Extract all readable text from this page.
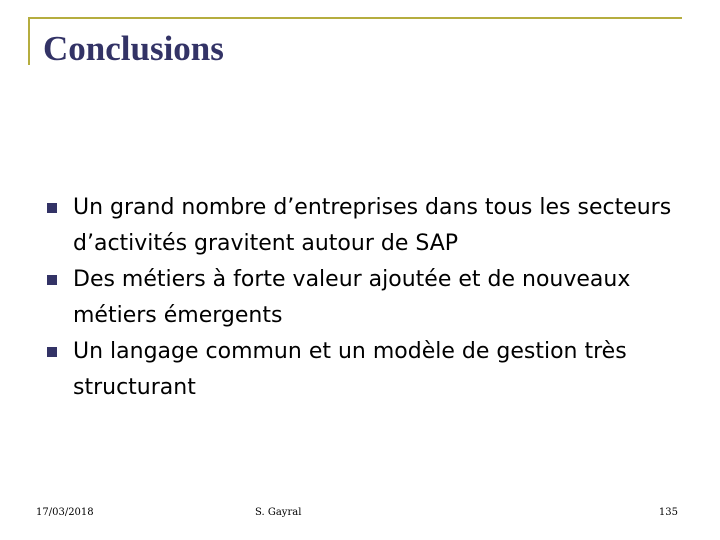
Conclusions
Un grand nombre d’entreprises dans tous les secteurs d’activités gravitent autour de SAP
Des métiers à forte valeur ajoutée et de nouveaux métiers émergents
Un langage commun et un modèle de gestion très structurant
17/03/2018	S. Gayral	135
